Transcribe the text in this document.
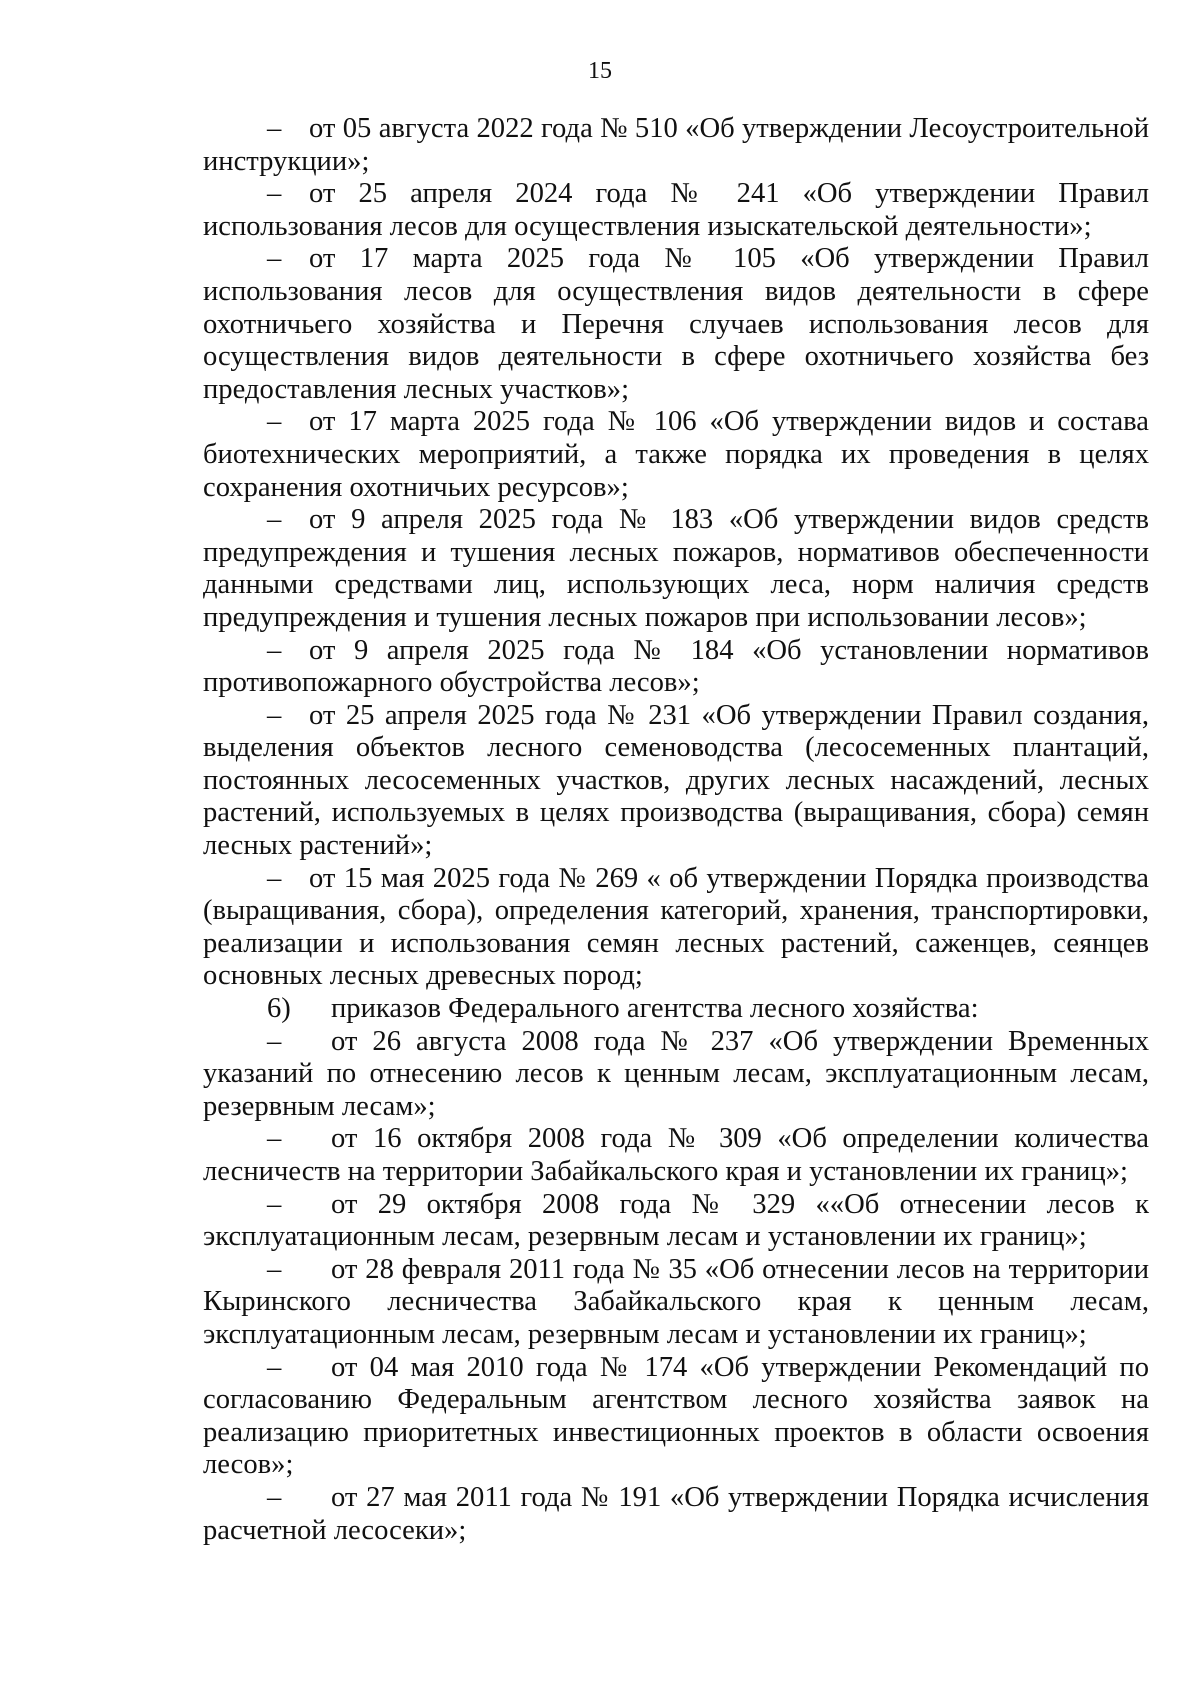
15

– от 05 августа 2022 года № 510 «Об утверждении Лесоустроительной инструкции»;

– от 25 апреля 2024 года № 241 «Об утверждении Правил использования лесов для осуществления изыскательской деятельности»;

– от 17 марта 2025 года № 105 «Об утверждении Правил использования лесов для осуществления видов деятельности в сфере охотничьего хозяйства и Перечня случаев использования лесов для осуществления видов деятельности в сфере охотничьего хозяйства без предоставления лесных участков»;

– от 17 марта 2025 года № 106 «Об утверждении видов и состава биотехнических мероприятий, а также порядка их проведения в целях сохранения охотничьих ресурсов»;

– от 9 апреля 2025 года № 183 «Об утверждении видов средств предупреждения и тушения лесных пожаров, нормативов обеспеченности данными средствами лиц, использующих леса, норм наличия средств предупреждения и тушения лесных пожаров при использовании лесов»;

– от 9 апреля 2025 года № 184 «Об установлении нормативов противопожарного обустройства лесов»;

– от 25 апреля 2025 года № 231 «Об утверждении Правил создания, выделения объектов лесного семеноводства (лесосеменных плантаций, постоянных лесосеменных участков, других лесных насаждений, лесных растений, используемых в целях производства (выращивания, сбора) семян лесных растений»;

– от 15 мая 2025 года № 269 « об утверждении Порядка производства (выращивания, сбора), определения категорий, хранения, транспортировки, реализации и использования семян лесных растений, саженцев, сеянцев основных лесных древесных пород;

6) приказов Федерального агентства лесного хозяйства:

– от 26 августа 2008 года № 237 «Об утверждении Временных указаний по отнесению лесов к ценным лесам, эксплуатационным лесам, резервным лесам»;

– от 16 октября 2008 года № 309 «Об определении количества лесничеств на территории Забайкальского края и установлении их границ»;

– от 29 октября 2008 года № 329 ««Об отнесении лесов к эксплуатационным лесам, резервным лесам и установлении их границ»;

– от 28 февраля 2011 года № 35 «Об отнесении лесов на территории Кыринского лесничества Забайкальского края к ценным лесам, эксплуатационным лесам, резервным лесам и установлении их границ»;

– от 04 мая 2010 года № 174 «Об утверждении Рекомендаций по согласованию Федеральным агентством лесного хозяйства заявок на реализацию приоритетных инвестиционных проектов в области освоения лесов»;

– от 27 мая 2011 года № 191 «Об утверждении Порядка исчисления расчетной лесосеки»;
